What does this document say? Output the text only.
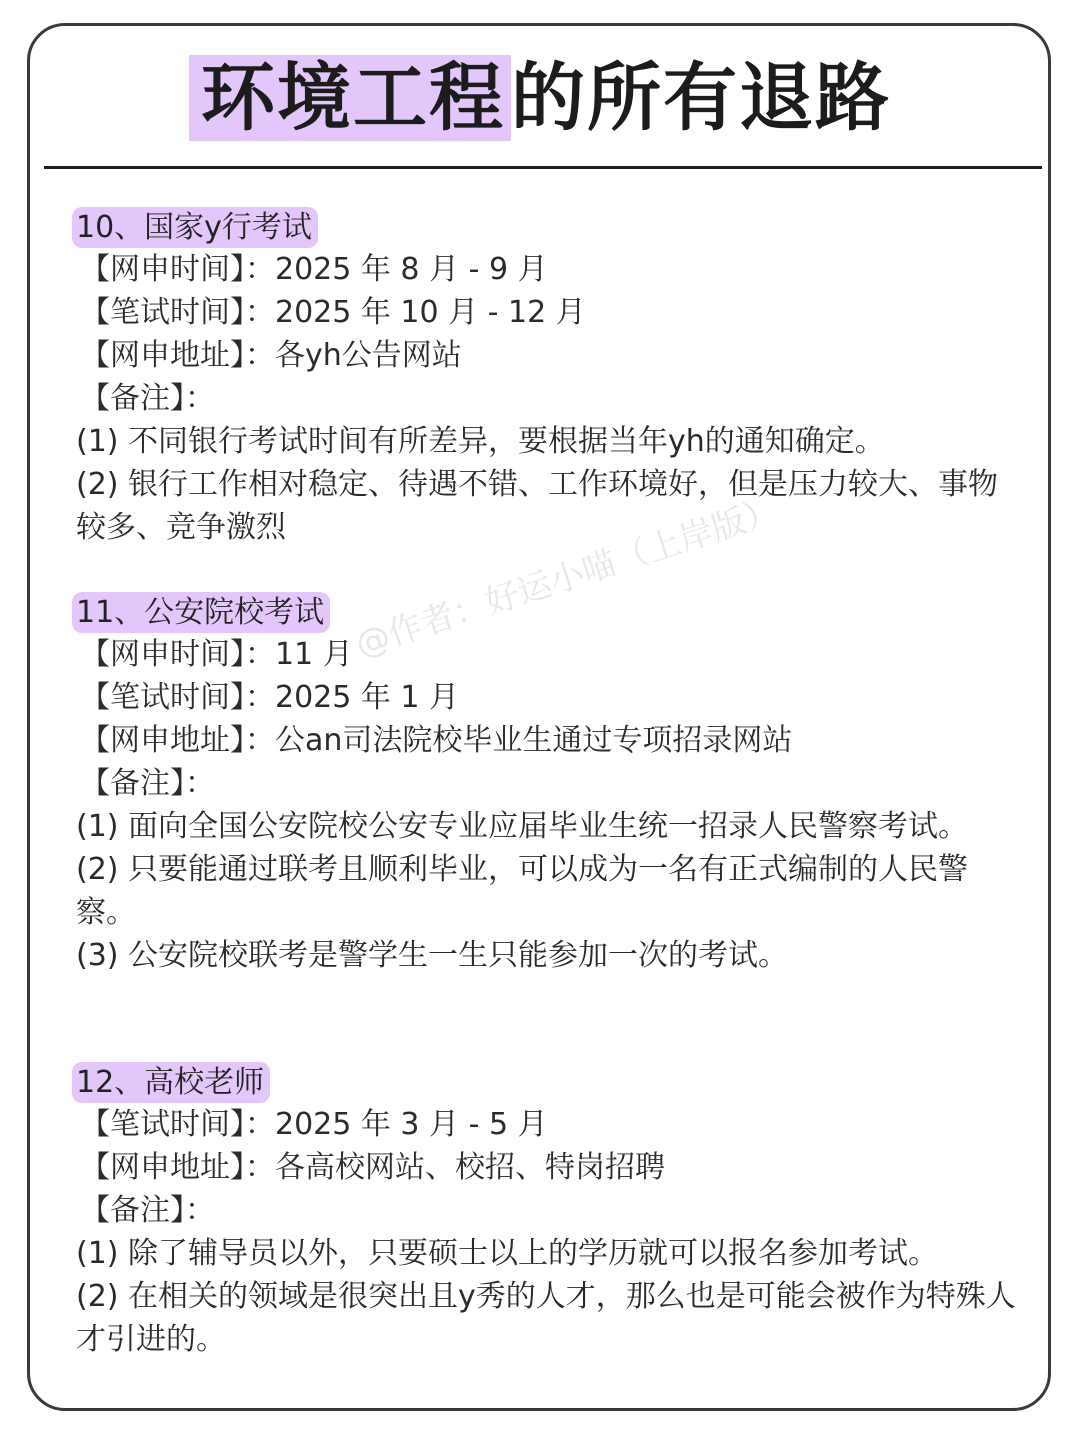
环境工程的所有退路
@作者：好运小喵（上岸版）
10、国家y行考试
【网申时间】：2025 年 8 月 - 9 月
【笔试时间】：2025 年 10 月 - 12 月
【网申地址】：各yh公告网站
【备注】：
(1) 不同银行考试时间有所差异，要根据当年yh的通知确定。
(2) 银行工作相对稳定、待遇不错、工作环境好，但是压力较大、事物较多、竞争激烈
11、公安院校考试
【网申时间】：11 月
【笔试时间】：2025 年 1 月
【网申地址】：公an司法院校毕业生通过专项招录网站
【备注】：
(1) 面向全国公安院校公安专业应届毕业生统一招录人民警察考试。
(2) 只要能通过联考且顺利毕业，可以成为一名有正式编制的人民警察。
(3) 公安院校联考是警学生一生只能参加一次的考试。
12、高校老师
【笔试时间】：2025 年 3 月 - 5 月
【网申地址】：各高校网站、校招、特岗招聘
【备注】：
(1) 除了辅导员以外，只要硕士以上的学历就可以报名参加考试。
(2) 在相关的领域是很突出且y秀的人才，那么也是可能会被作为特殊人才引进的。
